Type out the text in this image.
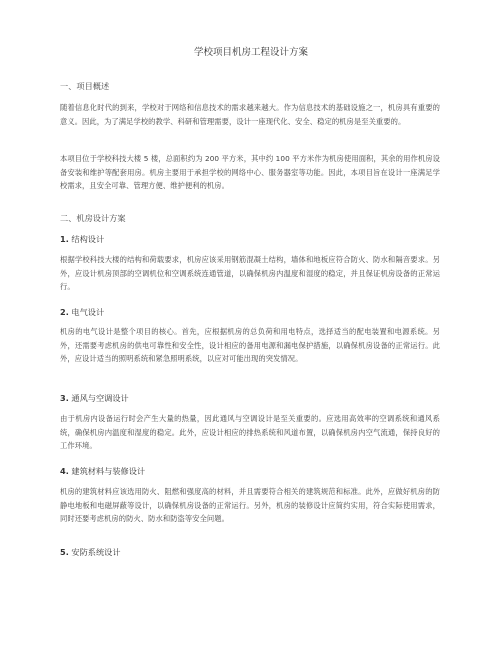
学校项目机房工程设计方案

一、项目概述

随着信息化时代的到来，学校对于网络和信息技术的需求越来越大。作为信息技术的基础设施之一，机房具有重要的意义。因此，为了满足学校的教学、科研和管理需要，设计一座现代化、安全、稳定的机房是至关重要的。

本项目位于学校科技大楼 5 楼，总面积约为 200 平方米，其中约 100 平方米作为机房使用面积，其余的用作机房设备安装和维护等配套用房。机房主要用于承担学校的网络中心、服务器室等功能。因此，本项目旨在设计一座满足学校需求，且安全可靠、管理方便、维护便利的机房。

二、机房设计方案

1. 结构设计

根据学校科技大楼的结构和荷载要求，机房应该采用钢筋混凝土结构，墙体和地板应符合防火、防水和隔音要求。另外，应设计机房顶部的空调机位和空调系统连通管道，以确保机房内温度和湿度的稳定，并且保证机房设备的正常运行。

2. 电气设计

机房的电气设计是整个项目的核心。首先，应根据机房的总负荷和用电特点，选择适当的配电装置和电源系统。另外，还需要考虑机房的供电可靠性和安全性，设计相应的备用电源和漏电保护措施，以确保机房设备的正常运行。此外，应设计适当的照明系统和紧急照明系统，以应对可能出现的突发情况。

3. 通风与空调设计

由于机房内设备运行时会产生大量的热量，因此通风与空调设计是至关重要的。应选用高效率的空调系统和通风系统，确保机房内温度和湿度的稳定。此外，应设计相应的排热系统和风道布置，以确保机房内空气流通，保持良好的工作环境。

4. 建筑材料与装修设计

机房的建筑材料应该选用防火、阻燃和强度高的材料，并且需要符合相关的建筑规范和标准。此外，应做好机房的防静电地板和电磁屏蔽等设计，以确保机房设备的正常运行。另外，机房的装修设计应简约实用，符合实际使用需求，同时还要考虑机房的防火、防水和防盗等安全问题。

5. 安防系统设计
